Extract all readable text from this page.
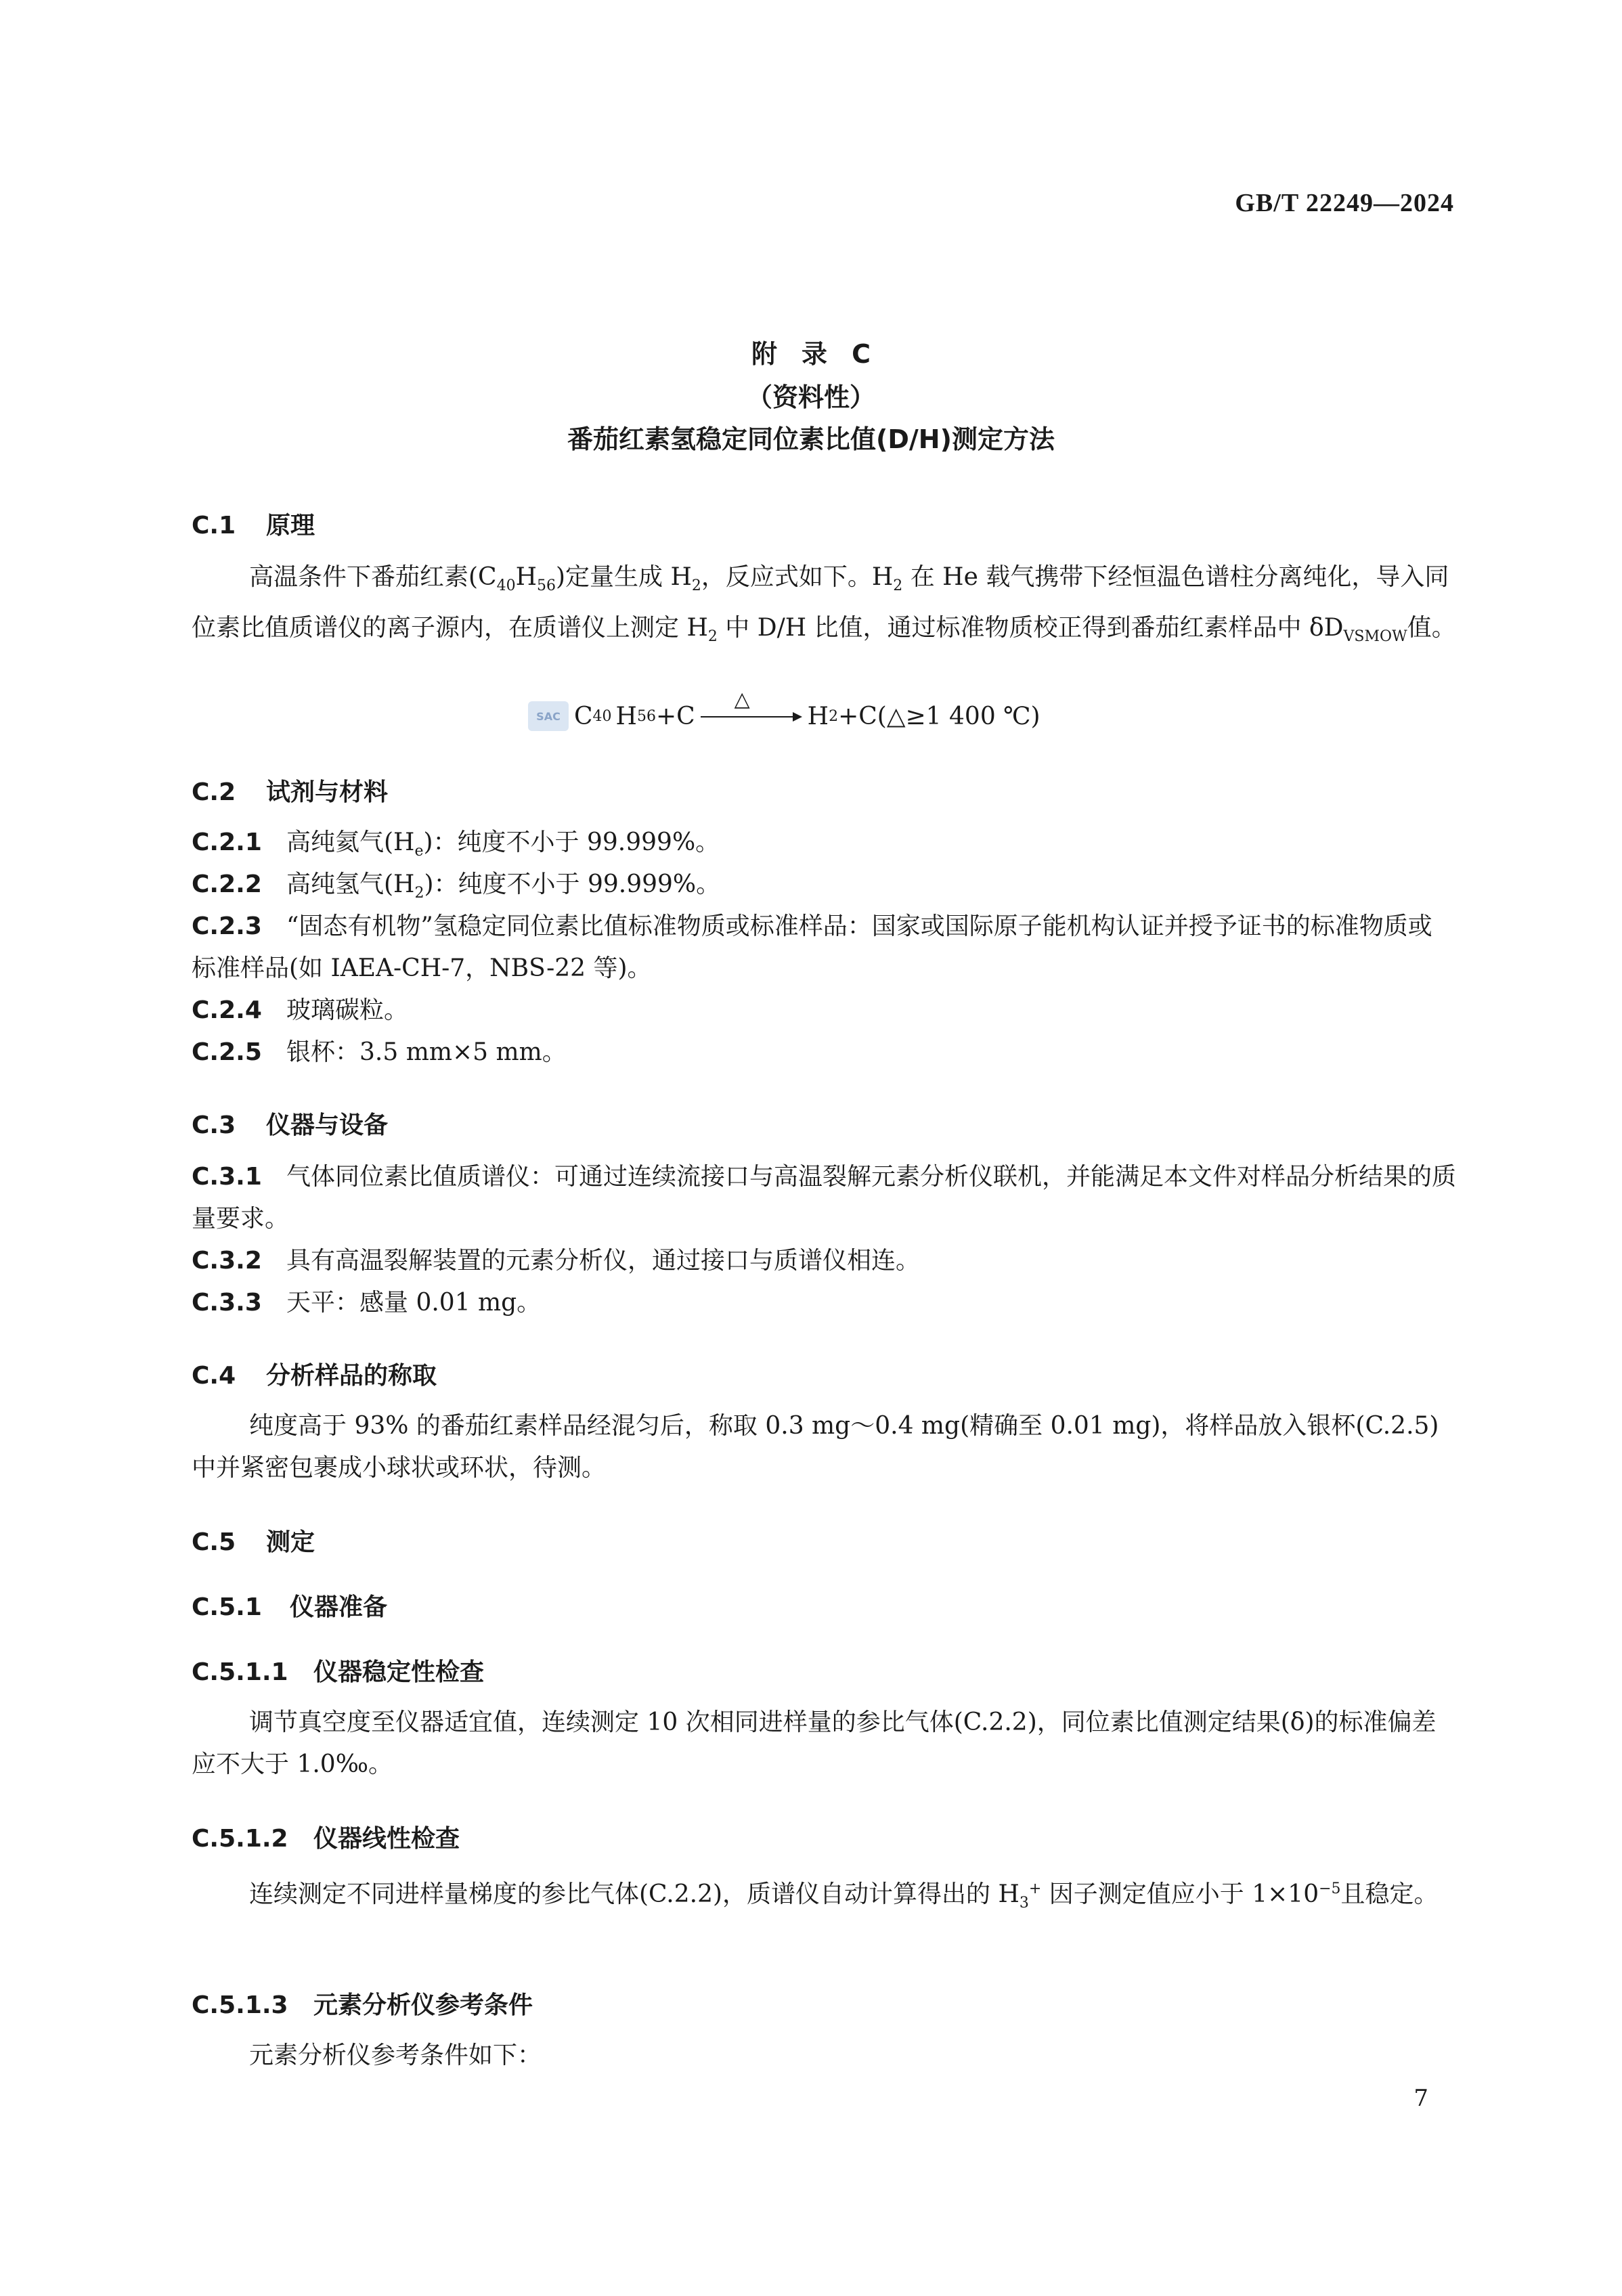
GB/T 22249—2024
附 录 C
（资料性）
番茄红素氢稳定同位素比值(D/H)测定方法
C.1 原理
高温条件下番茄红素$(C_{40}H_{56})$定量生成 $H_2$，反应式如下。$H_2$ 在 He 载气携带下经恒温色谱柱分离纯化，导入同位素比值质谱仪的离子源内，在质谱仪上测定 $H_2$ 中 D/H 比值，通过标准物质校正得到番茄红素样品中 $\delta D_{VSMOW}$值。
SAC C 40 H 56 +C
△
H 2 +C(△≥1 400 ℃)
C.2 试剂与材料
C.2.1 高纯氦气$(H_e)$：纯度不小于 99.999%。
C.2.2 高纯氢气$(H_2)$：纯度不小于 99.999%。
C.2.3 “固态有机物”氢稳定同位素比值标准物质或标准样品：国家或国际原子能机构认证并授予证书的标准物质或标准样品(如 IAEA-CH-7，NBS-22 等)。
C.2.4 玻璃碳粒。
C.2.5 银杯：3.5 mm×5 mm。
C.3 仪器与设备
C.3.1 气体同位素比值质谱仪：可通过连续流接口与高温裂解元素分析仪联机，并能满足本文件对样品分析结果的质量要求。
C.3.2 具有高温裂解装置的元素分析仪，通过接口与质谱仪相连。
C.3.3 天平：感量 0.01 mg。
C.4 分析样品的称取
纯度高于 93% 的番茄红素样品经混匀后，称取 0.3 mg～0.4 mg(精确至 0.01 mg)，将样品放入银杯(C.2.5)中并紧密包裹成小球状或环状，待测。
C.5 测定
C.5.1 仪器准备
C.5.1.1 仪器稳定性检查
调节真空度至仪器适宜值，连续测定 10 次相同进样量的参比气体(C.2.2)，同位素比值测定结果(δ)的标准偏差应不大于 1.0‰。
C.5.1.2 仪器线性检查
连续测定不同进样量梯度的参比气体(C.2.2)，质谱仪自动计算得出的 $H_3^+$ 因子测定值应小于 $1\times 10^{-5}$且稳定。
C.5.1.3 元素分析仪参考条件
元素分析仪参考条件如下：
7
